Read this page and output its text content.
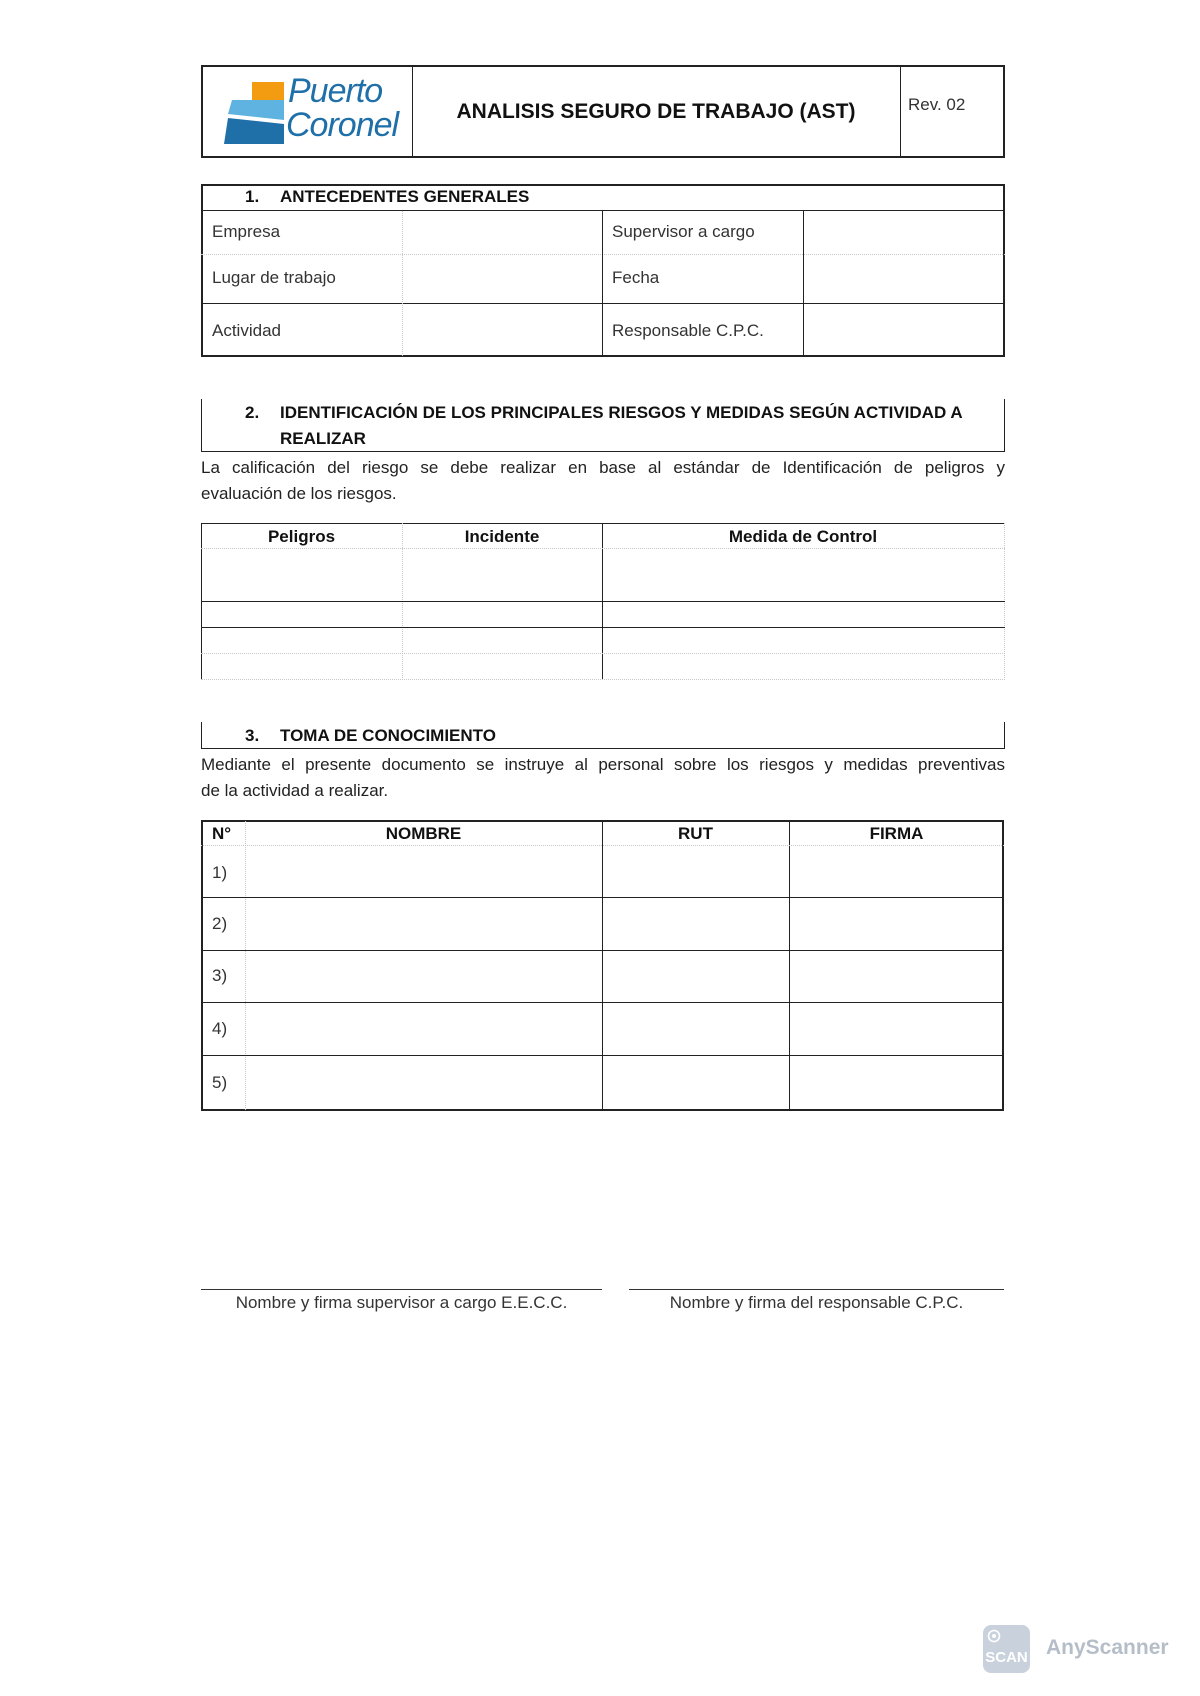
Puerto
Coronel	ANALISIS SEGURO DE TRABAJO (AST)	Rev. 02
1. ANTECEDENTES GENERALES
Empresa	Supervisor a cargo
Lugar de trabajo	Fecha
Actividad	Responsable C.P.C.
2. IDENTIFICACIÓN DE LOS PRINCIPALES RIESGOS Y MEDIDAS SEGÚN ACTIVIDAD A
REALIZAR
La calificación del riesgo se debe realizar en base al estándar de Identificación de peligros y
evaluación de los riesgos.
Peligros	Incidente	Medida de Control
3. TOMA DE CONOCIMIENTO
Mediante el presente documento se instruye al personal sobre los riesgos y medidas preventivas
de la actividad a realizar.
N°	NOMBRE	RUT	FIRMA
1)
2)
3)
4)
5)
Nombre y firma supervisor a cargo E.E.C.C.	Nombre y firma del responsable C.P.C.
SCAN AnyScanner
